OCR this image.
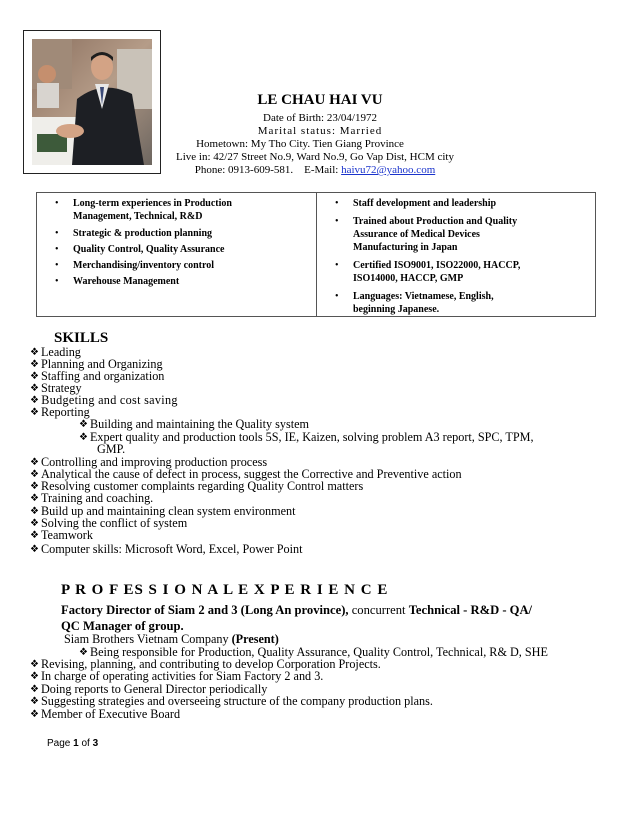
LE CHAU HAI VU
Date of Birth: 23/04/1972
Marital status: Married
Hometown: My Tho City. Tien Giang Province
Live in: 42/27 Street No.9, Ward No.9, Go Vap Dist, HCM city
Phone: 0913-609-581. E-Mail: haivu72@yahoo.com
• Long-term experiences in Production
Management, Technical, R&D
• Strategic & production planning
• Quality Control, Quality Assurance
• Merchandising/inventory control
• Warehouse Management
• Staff development and leadership
• Trained about Production and Quality
Assurance of Medical Devices
Manufacturing in Japan
• Certified ISO9001, ISO22000, HACCP,
ISO14000, HACCP, GMP
• Languages: Vietnamese, English,
beginning Japanese.
SKILLS
❖ Leading
❖ Planning and Organizing
❖ Staffing and organization
❖ Strategy
❖ Budgeting and cost saving
❖ Reporting
❖ Building and maintaining the Quality system
❖ Expert quality and production tools 5S, IE, Kaizen, solving problem A3 report, SPC, TPM,
GMP.
❖ Controlling and improving production process
❖ Analytical the cause of defect in process, suggest the Corrective and Preventive action
❖ Resolving customer complaints regarding Quality Control matters
❖ Training and coaching.
❖ Build up and maintaining clean system environment
❖ Solving the conflict of system
❖ Teamwork
❖ Computer skills: Microsoft Word, Excel, Power Point
P R O F ES S I O N A L E X P E R I E N C E
Factory Director of Siam 2 and 3 (Long An province), concurrent Technical - R&D - QA/
QC Manager of group.
Siam Brothers Vietnam Company (Present)
❖ Being responsible for Production, Quality Assurance, Quality Control, Technical, R& D, SHE
❖ Revising, planning, and contributing to develop Corporation Projects.
❖ In charge of operating activities for Siam Factory 2 and 3.
❖ Doing reports to General Director periodically
❖ Suggesting strategies and overseeing structure of the company production plans.
❖ Member of Executive Board
Page 1 of 3
